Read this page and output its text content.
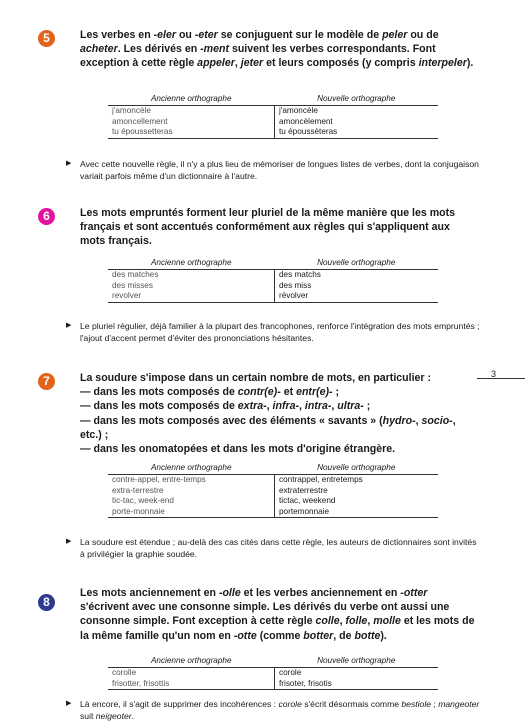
5	Les verbes en -eler ou -eter se conjuguent sur le modèle de peler ou de acheter. Les dérivés en -ment suivent les verbes correspondants. Font exception à cette règle appeler, jeter et leurs composés (y compris interpeler).
Ancienne orthographe	Nouvelle orthographe
j'amoncèle	j'amoncèle
amoncellement	amoncèlement
tu époussetteras	tu époussèteras
▶ Avec cette nouvelle règle, il n'y a plus lieu de mémoriser de longues listes de verbes, dont la conjugaison variait parfois même d'un dictionnaire à l'autre.
6	Les mots empruntés forment leur pluriel de la même manière que les mots français et sont accentués conformément aux règles qui s'appliquent aux mots français.
Ancienne orthographe	Nouvelle orthographe
des matches	des matchs
des misses	des miss
revolver	révolver
▶ Le pluriel régulier, déjà familier à la plupart des francophones, renforce l'intégration des mots empruntés ; l'ajout d'accent permet d'éviter des prononciations hésitantes.
7	La soudure s'impose dans un certain nombre de mots, en particulier :
— dans les mots composés de contr(e)- et entr(e)- ;
— dans les mots composés de extra-, infra-, intra-, ultra- ;
— dans les mots composés avec des éléments « savants » (hydro-, socio-, etc.) ;
— dans les onomatopées et dans les mots d'origine étrangère.
Ancienne orthographe	Nouvelle orthographe
contre-appel, entre-temps	contrappel, entretemps
extra-terrestre	extraterrestre
tic-tac, week-end	tictac, weekend
porte-monnaie	portemonnaie
▶ La soudure est étendue ; au-delà des cas cités dans cette règle, les auteurs de dictionnaires sont invités à privilégier la graphie soudée.
8
Les mots anciennement en -olle et les verbes anciennement en -otter s'écrivent avec une consonne simple. Les dérivés du verbe ont aussi une consonne simple. Font exception à cette règle colle, folle, molle et les mots de la même famille qu'un nom en -otte (comme botter, de botte).
Ancienne orthographe	Nouvelle orthographe
corolle	corole
frisotter, frisottis	frisoter, frisotis
▶ Là encore, il s'agit de supprimer des incohérences : corole s'écrit désormais comme bestiole ; mangeoter suit neigeoter.
3
